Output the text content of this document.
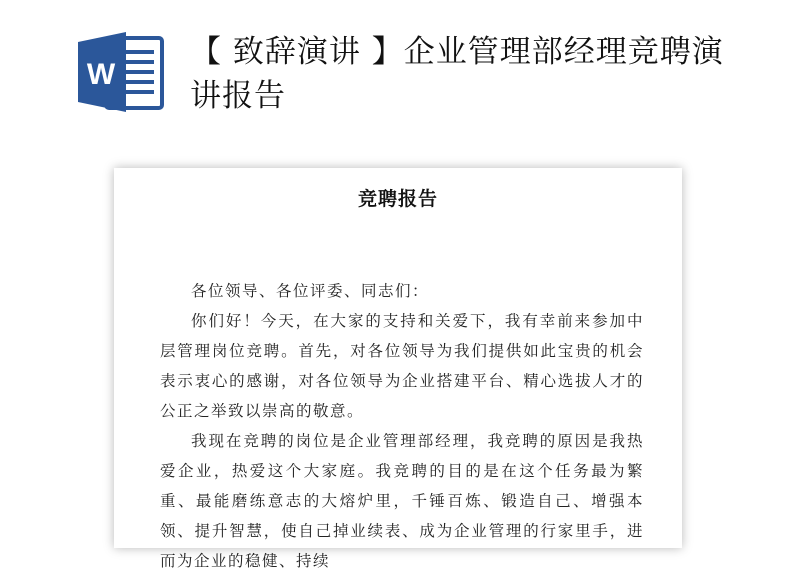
W
【 致辞演讲 】企业管理部经理竞聘演讲报告
竞聘报告

各位领导、各位评委、同志们：

你们好！今天，在大家的支持和关爱下，我有幸前来参加中层管理岗位竞聘。首先，对各位领导为我们提供如此宝贵的机会表示衷心的感谢，对各位领导为企业搭建平台、精心选拔人才的公正之举致以崇高的敬意。

我现在竞聘的岗位是企业管理部经理，我竞聘的原因是我热爱企业，热爱这个大家庭。我竞聘的目的是在这个任务最为繁重、最能磨练意志的大熔炉里，千锤百炼、锻造自己、增强本领、提升智慧，使自己掉业续表、成为企业管理的行家里手，进而为企业的稳健、持续
